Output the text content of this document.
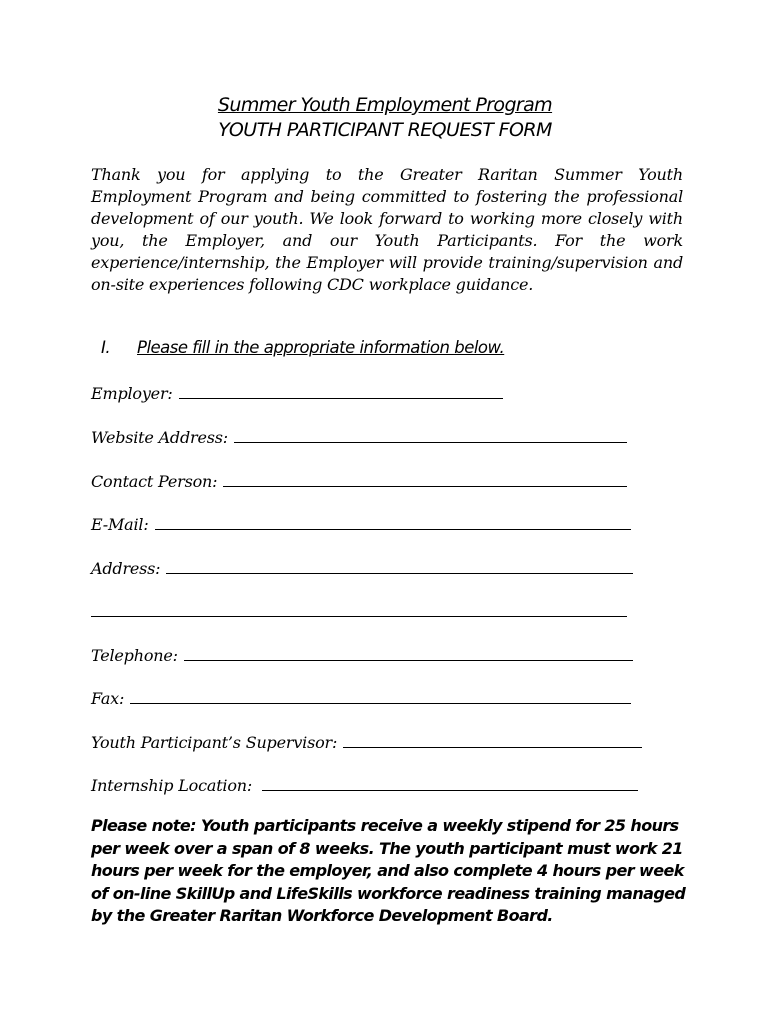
Summer Youth Employment Program
YOUTH PARTICIPANT REQUEST FORM
Thank you for applying to the Greater Raritan Summer Youth Employment Program and being committed to fostering the professional development of our youth. We look forward to working more closely with you, the Employer, and our Youth Participants. For the work experience/internship, the Employer will provide training/supervision and on-site experiences following CDC workplace guidance.
I. Please fill in the appropriate information below.
Employer:
Website Address:
Contact Person:
E-Mail:
Address:
Telephone:
Fax:
Youth Participant’s Supervisor:
Internship Location:
Please note: Youth participants receive a weekly stipend for 25 hours per week over a span of 8 weeks. The youth participant must work 21 hours per week for the employer, and also complete 4 hours per week of on-line SkillUp and LifeSkills workforce readiness training managed by the Greater Raritan Workforce Development Board.
